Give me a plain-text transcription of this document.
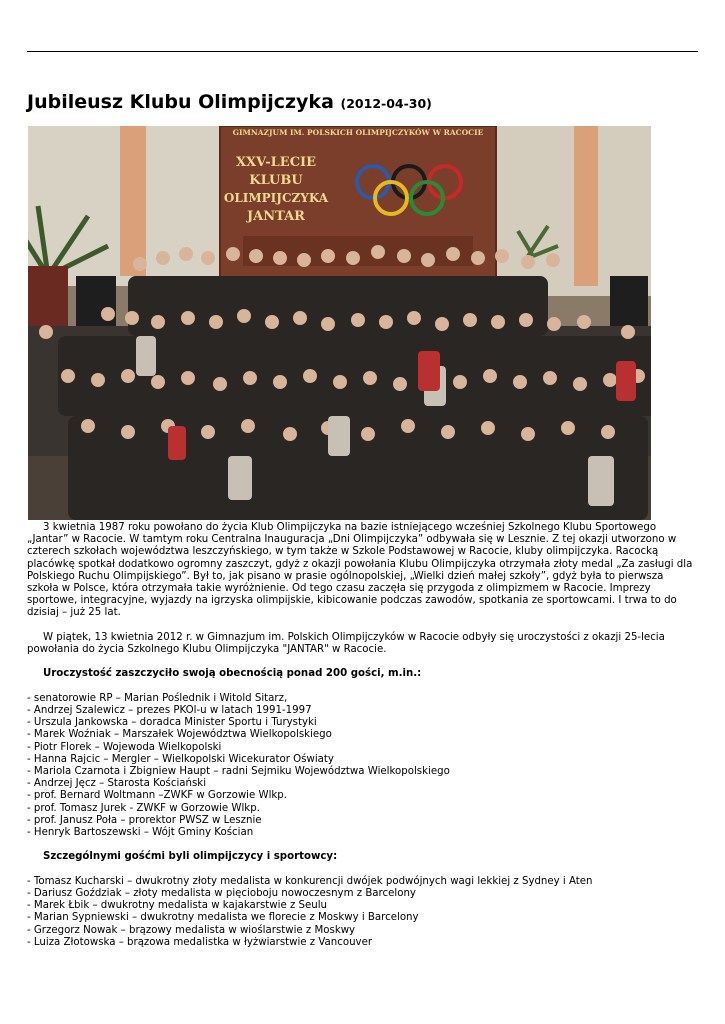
Jubileusz Klubu Olimpijczyka (2012-04-30)
GIMNAZJUM IM. POLSKICH OLIMPIJCZYKÓW W RACOCIE
XXV-LECIE
KLUBU
OLIMPIJCZYKA
JANTAR

3 kwietnia 1987 roku powołano do życia Klub Olimpijczyka na bazie istniejącego wcześniej Szkolnego Klubu Sportowego „Jantar” w Racocie. W tamtym roku Centralna Inauguracja „Dni Olimpijczyka” odbywała się w Lesznie. Z tej okazji utworzono w czterech szkołach województwa leszczyńskiego, w tym także w Szkole Podstawowej w Racocie, kluby olimpijczyka. Racocką placówkę spotkał dodatkowo ogromny zaszczyt, gdyż z okazji powołania Klubu Olimpijczyka otrzymała złoty medal „Za zasługi dla Polskiego Ruchu Olimpijskiego”. Był to, jak pisano w prasie ogólnopolskiej, „Wielki dzień małej szkoły”, gdyż była to pierwsza szkoła w Polsce, która otrzymała takie wyróżnienie. Od tego czasu zaczęła się przygoda z olimpizmem w Racocie. Imprezy sportowe, integracyjne, wyjazdy na igrzyska olimpijskie, kibicowanie podczas zawodów, spotkania ze sportowcami. I trwa to do dzisiaj – już 25 lat.

W piątek, 13 kwietnia 2012 r. w Gimnazjum im. Polskich Olimpijczyków w Racocie odbyły się uroczystości z okazji 25-lecia powołania do życia Szkolnego Klubu Olimpijczyka "JANTAR" w Racocie.

Uroczystość zaszczyciło swoją obecnością ponad 200 gości, m.in.:

- senatorowie RP – Marian Poślednik i Witold Sitarz,
- Andrzej Szalewicz – prezes PKOl-u w latach 1991-1997
- Urszula Jankowska – doradca Minister Sportu i Turystyki
- Marek Woźniak – Marszałek Województwa Wielkopolskiego
- Piotr Florek – Wojewoda Wielkopolski
- Hanna Rajcic – Mergler – Wielkopolski Wicekurator Oświaty
- Mariola Czarnota i Zbigniew Haupt – radni Sejmiku Województwa Wielkopolskiego
- Andrzej Jęcz – Starosta Kościański
- prof. Bernard Woltmann –ZWKF w Gorzowie Wlkp.
- prof. Tomasz Jurek - ZWKF w Gorzowie Wlkp.
- prof. Janusz Poła – prorektor PWSZ w Lesznie
- Henryk Bartoszewski – Wójt Gminy Kościan

Szczególnymi gośćmi byli olimpijczycy i sportowcy:

- Tomasz Kucharski – dwukrotny złoty medalista w konkurencji dwójek podwójnych wagi lekkiej z Sydney i Aten
- Dariusz Goździak – złoty medalista w pięcioboju nowoczesnym z Barcelony
- Marek Łbik – dwukrotny medalista w kajakarstwie z Seulu
- Marian Sypniewski – dwukrotny medalista we florecie z Moskwy i Barcelony
- Grzegorz Nowak – brązowy medalista w wioślarstwie z Moskwy
- Luiza Złotowska – brązowa medalistka w łyżwiarstwie z Vancouver
